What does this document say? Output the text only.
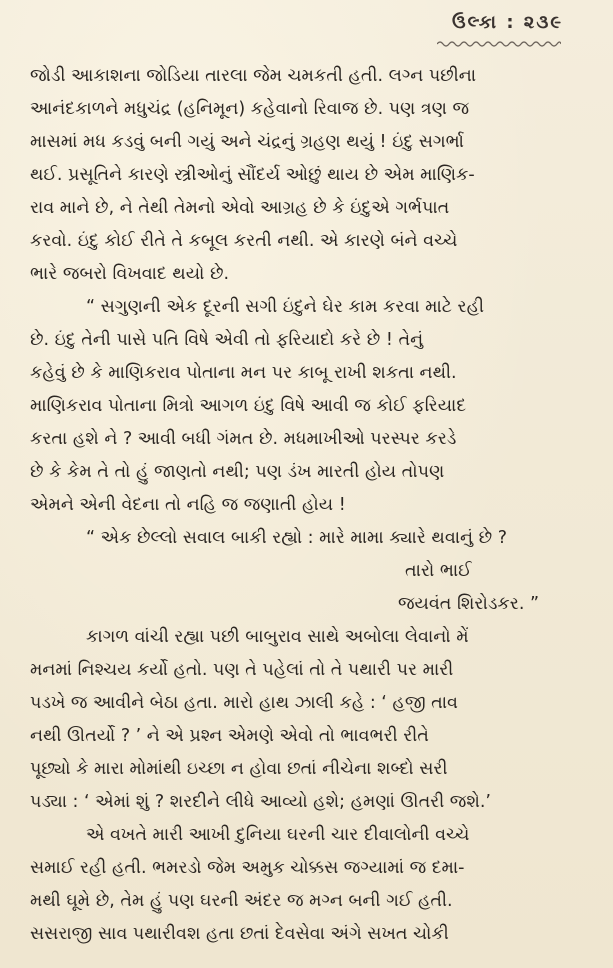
ઉલ્કા : ૨૩૯
જોડી આકાશના જોડિયા તારલા જેમ ચમકતી હતી. લગ્ન પછીના
આનંદકાળને મધુચંદ્ર (હનિમૂન) કહેવાનો રિવાજ છે. પણ ત્રણ જ
માસમાં મધ કડવું બની ગયું અને ચંદ્રનું ગ્રહણ થયું ! ઇંદુ સગર્ભા
થઈ. પ્રસૂતિને કારણે સ્ત્રીઓનું સૌંદર્ય ઓછું થાય છે એમ માણિક-
રાવ માને છે, ને તેથી તેમનો એવો આગ્રહ છે કે ઇંદુએ ગર્ભપાત
કરવો. ઇંદુ કોઈ રીતે તે કબૂલ કરતી નથી. એ કારણે બંને વચ્ચે
ભારે જબરો વિખવાદ થયો છે.
“ સગુણની એક દૂરની સગી ઇંદુને ઘેર કામ કરવા માટે રહી
છે. ઇંદુ તેની પાસે પતિ વિષે એવી તો ફરિયાદો કરે છે ! તેનું
કહેવું છે કે માણિકરાવ પોતાના મન પર કાબૂ રાખી શકતા નથી.
માણિકરાવ પોતાના મિત્રો આગળ ઇંદુ વિષે આવી જ કોઈ ફરિયાદ
કરતા હશે ને ? આવી બધી ગંમત છે. મધમાખીઓ પરસ્પર કરડે
છે કે કેમ તે તો હું જાણતો નથી; પણ ડંખ મારતી હોય તોપણ
એમને એની વેદના તો નહિ જ જણાતી હોય !
“ એક છેલ્લો સવાલ બાકી રહ્યો : મારે મામા ક્યારે થવાનું છે ?
તારો ભાઈ
જયવંત શિરોડકર. ”
કાગળ વાંચી રહ્યા પછી બાબુરાવ સાથે અબોલા લેવાનો મેં
મનમાં નિશ્ચય કર્યો હતો. પણ તે પહેલાં તો તે પથારી પર મારી
પડખે જ આવીને બેઠા હતા. મારો હાથ ઝાલી કહે : ‘ હજી તાવ
નથી ઊતર્યો ? ’ ને એ પ્રશ્ન એમણે એવો તો ભાવભરી રીતે
પૂછ્યો કે મારા મોમાંથી ઇચ્છા ન હોવા છતાં નીચેના શબ્દો સરી
પડ્યા : ‘ એમાં શું ? શરદીને લીધે આવ્યો હશે; હમણાં ઊતરી જશે.’
એ વખતે મારી આખી દુનિયા ઘરની ચાર દીવાલોની વચ્ચે
સમાઈ રહી હતી. ભમરડો જેમ અમુક ચોક્કસ જગ્યામાં જ દમા-
મથી ઘૂમે છે, તેમ હું પણ ઘરની અંદર જ મગ્ન બની ગઈ હતી.
સસરાજી સાવ પથારીવશ હતા છતાં દેવસેવા અંગે સખત ચોકી
